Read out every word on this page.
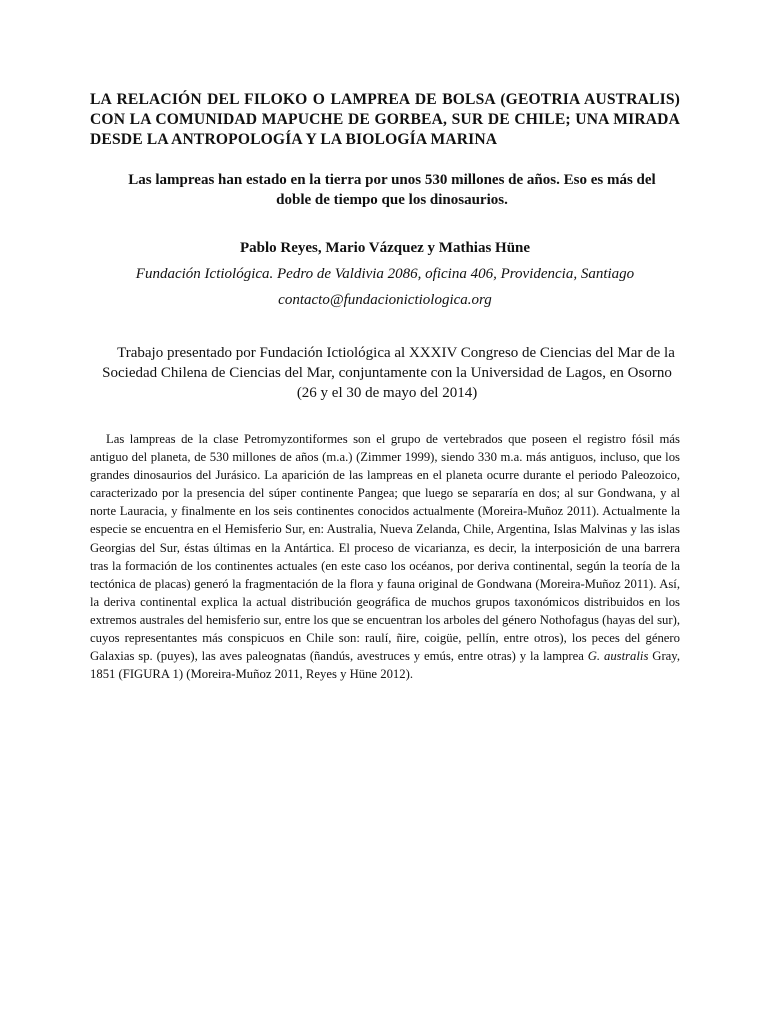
LA RELACIÓN DEL FILOKO O LAMPREA DE BOLSA (GEOTRIA AUSTRALIS) CON LA COMUNIDAD MAPUCHE DE GORBEA, SUR DE CHILE; UNA MIRADA DESDE LA ANTROPOLOGÍA Y LA BIOLOGÍA MARINA
Las lampreas han estado en la tierra por unos 530 millones de años. Eso es más del doble de tiempo que los dinosaurios.
Pablo Reyes, Mario Vázquez y Mathias Hüne
Fundación Ictiológica. Pedro de Valdivia 2086, oficina 406, Providencia, Santiago
contacto@fundacionictiologica.org
Trabajo presentado por Fundación Ictiológica al XXXIV Congreso de Ciencias del Mar de la Sociedad Chilena de Ciencias del Mar, conjuntamente con la Universidad de Lagos, en Osorno (26 y el 30 de mayo del 2014)
Las lampreas de la clase Petromyzontiformes son el grupo de vertebrados que poseen el registro fósil más antiguo del planeta, de 530 millones de años (m.a.) (Zimmer 1999), siendo 330 m.a. más antiguos, incluso, que los grandes dinosaurios del Jurásico. La aparición de las lampreas en el planeta ocurre durante el periodo Paleozoico, caracterizado por la presencia del súper continente Pangea; que luego se separaría en dos; al sur Gondwana, y al norte Lauracia, y finalmente en los seis continentes conocidos actualmente (Moreira-Muñoz 2011). Actualmente la especie se encuentra en el Hemisferio Sur, en: Australia, Nueva Zelanda, Chile, Argentina, Islas Malvinas y las islas Georgias del Sur, éstas últimas en la Antártica. El proceso de vicarianza, es decir, la interposición de una barrera tras la formación de los continentes actuales (en este caso los océanos, por deriva continental, según la teoría de la tectónica de placas) generó la fragmentación de la flora y fauna original de Gondwana (Moreira-Muñoz 2011). Así, la deriva continental explica la actual distribución geográfica de muchos grupos taxonómicos distribuidos en los extremos australes del hemisferio sur, entre los que se encuentran los arboles del género Nothofagus (hayas del sur), cuyos representantes más conspicuos en Chile son: raulí, ñire, coigüe, pellín, entre otros), los peces del género Galaxias sp. (puyes), las aves paleognatas (ñandús, avestruces y emús, entre otras) y la lamprea G. australis Gray, 1851 (FIGURA 1) (Moreira-Muñoz 2011, Reyes y Hüne 2012).
